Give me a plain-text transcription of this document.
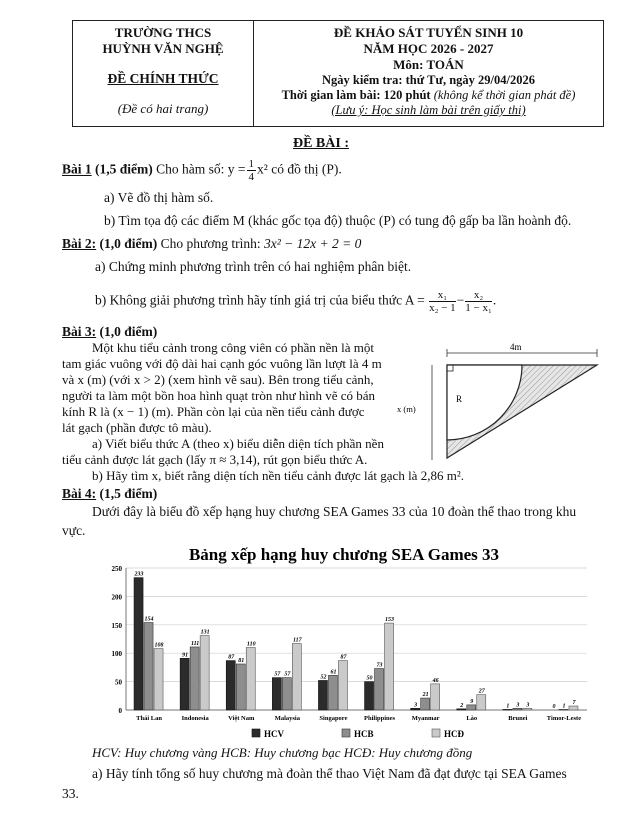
TRƯỜNG THCS
HUỲNH VĂN NGHỆ
ĐỀ CHÍNH THỨC
(Đề có hai trang)
ĐỀ KHẢO SÁT TUYỂN SINH 10
NĂM HỌC 2026 - 2027
Môn: TOÁN
Ngày kiểm tra: thứ Tư, ngày 29/04/2026
Thời gian làm bài: 120 phút (không kể thời gian phát đề)
(Lưu ý: Học sinh làm bài trên giấy thi)
ĐỀ BÀI :
Bài 1 (1,5 điểm) Cho hàm số: $y = \frac{1}{4} x^2$ có đồ thị (P).
a) Vẽ đồ thị hàm số.
b) Tìm tọa độ các điểm M (khác gốc tọa độ) thuộc (P) có tung độ gấp ba lần hoành độ.
Bài 2: (1,0 điểm) Cho phương trình: 3x² − 12x + 2 = 0
a) Chứng minh phương trình trên có hai nghiệm phân biệt.
b) Không giải phương trình hãy tính giá trị của biểu thức $A = \frac{\text{x₁}}{\text{x₂ − 1}} - \frac{\text{x₂}}{\text{1 − x₁}}$ .
Bài 3: (1,0 điểm)
Một khu tiểu cảnh trong công viên có phần nền là một
tam giác vuông với độ dài hai cạnh góc vuông lần lượt là 4 m
và x (m) (với x > 2) (xem hình vẽ sau). Bên trong tiểu cảnh,
người ta làm một bồn hoa hình quạt tròn như hình vẽ có bán
kính R là (x − 1) (m). Phần còn lại của nền tiểu cảnh được
lát gạch (phần được tô màu).
a) Viết biểu thức A (theo x) biểu diễn diện tích phần nền
tiểu cảnh được lát gạch (lấy π ≈ 3,14), rút gọn biểu thức A.
b) Hãy tìm x, biết rằng diện tích nền tiểu cảnh được lát gạch là 2,86 m².
4m
x (m)
R
Bài 4: (1,5 điểm)
Dưới đây là biểu đồ xếp hạng huy chương SEA Games 33 của 10 đoàn thể thao trong khu
vực.
Bảng xếp hạng huy chương SEA Games 33
0
50
100
150
200
250
233
154
108
Thái Lan
91
111
131
Indonesia
87
81
110
Việt Nam
57 57
117
Malaysia
52
61
87
Singapore
50
73
153
Philippines
3
21
46
Myanmar
2
9
27
Lào
1 3 3
Brunei
0 1
7
Timor-Leste
HCV	HCB	HCĐ
HCV: Huy chương vàng HCB: Huy chương bạc HCĐ: Huy chương đồng
a) Hãy tính tổng số huy chương mà đoàn thể thao Việt Nam đã đạt được tại SEA Games
33.
